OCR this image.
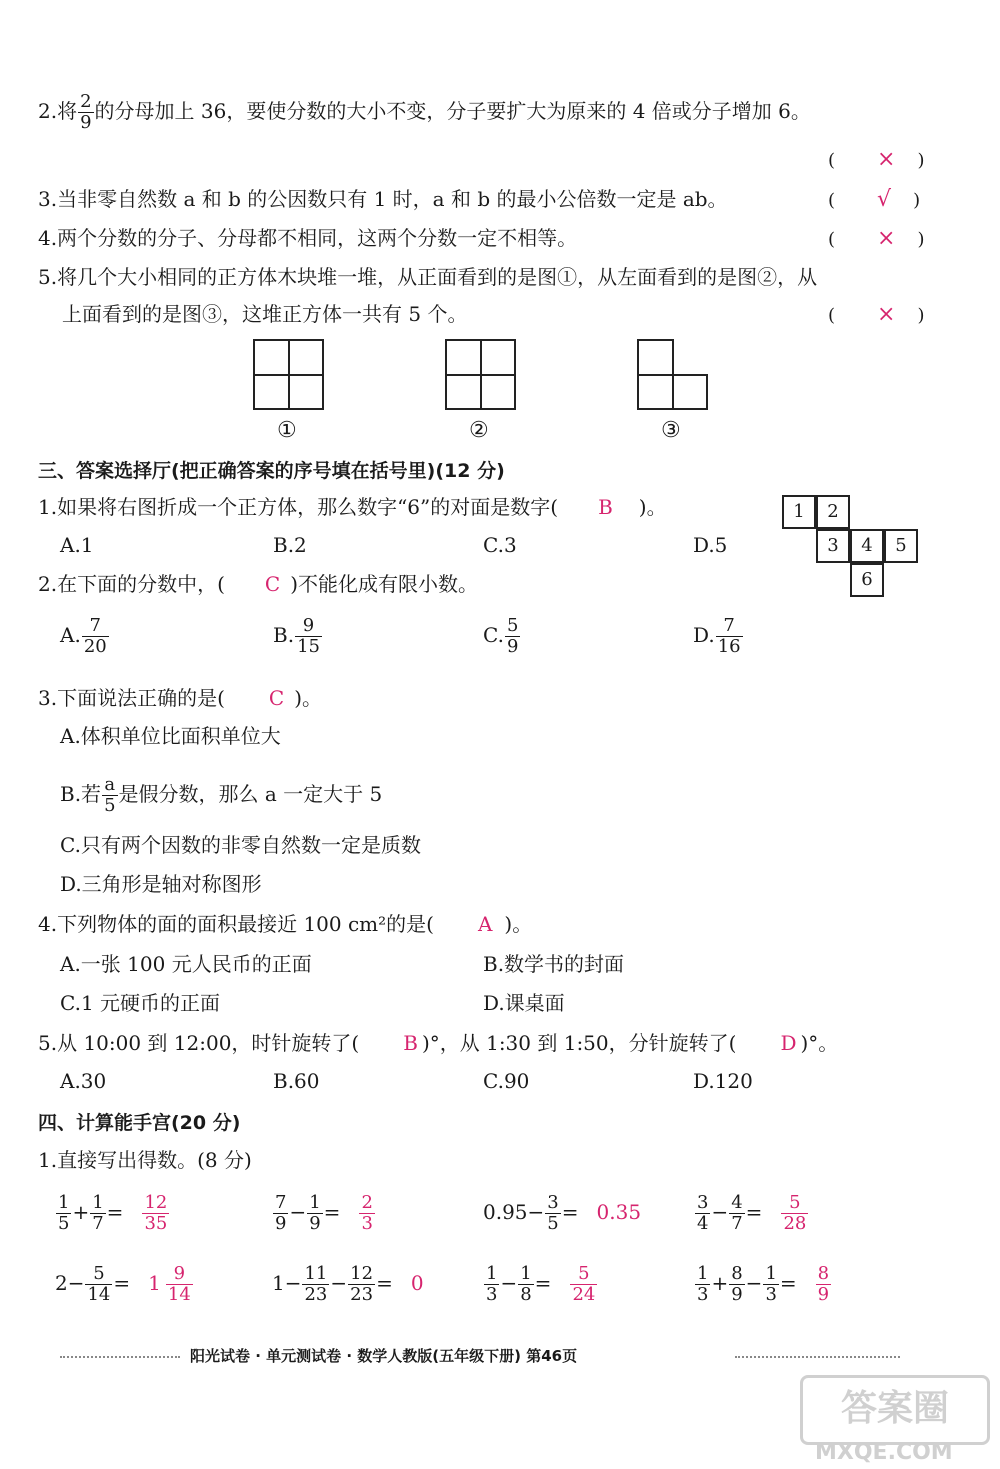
2.将 $\frac{2}{9}$ 的分母加上 36，要使分数的大小不变，分子要扩大为原来的 4 倍或分子增加 6。
( × )
3.当非零自然数 a 和 b 的公因数只有 1 时，a 和 b 的最小公倍数一定是 ab。	( √ )
4.两个分数的分子、分母都不相同，这两个分数一定不相等。	( × )
5.将几个大小相同的正方体木块堆一堆，从正面看到的是图①，从左面看到的是图②，从
上面看到的是图③，这堆正方体一共有 5 个。	( × )
①	②	③
三、答案选择厅(把正确答案的序号填在括号里)(12 分)
1.如果将右图折成一个正方体，那么数字“6”的对面是数字( B )。
A.1	B.2	C.3	D.5
1	2
3	4	5
6
2.在下面的分数中，( C )不能化成有限小数。
A. $\frac{7}{20}$	B. $\frac{9}{15}$	C. $\frac{5}{9}$	D. $\frac{7}{16}$
3.下面说法正确的是( C )。
A.体积单位比面积单位大
B.若 $\frac{a}{5}$ 是假分数，那么 a 一定大于 5
C.只有两个因数的非零自然数一定是质数
D.三角形是轴对称图形
4.下列物体的面的面积最接近 100 cm²的是( A )。
A.一张 100 元人民币的正面	B.数学书的封面
C.1 元硬币的正面	D.课桌面
5.从 10:00 到 12:00，时针旋转了( B )°，从 1:30 到 1:50，分针旋转了( D )°。
A.30	B.60	C.90	D.120
四、计算能手宫(20 分)
1.直接写出得数。(8 分)
$\frac{1}{5} + \frac{1}{7} = \frac{12}{35}$	$\frac{7}{9} - \frac{1}{9} = \frac{2}{3}$	$0.95- \frac{3}{5} = 0.35$	$\frac{3}{4} - \frac{4}{7} = \frac{5}{28}$
$2- \frac{5}{14} = 1 \frac{9}{14}$	$1- \frac{11}{23} - \frac{12}{23} = 0$	$\frac{1}{3} - \frac{1}{8} = \frac{5}{24}$	$\frac{1}{3} + \frac{8}{9} - \frac{1}{3} = \frac{8}{9}$
阳光试卷 · 单元测试卷 · 数学人教版(五年级下册) 第46页
答案圈
MXQE.COM
